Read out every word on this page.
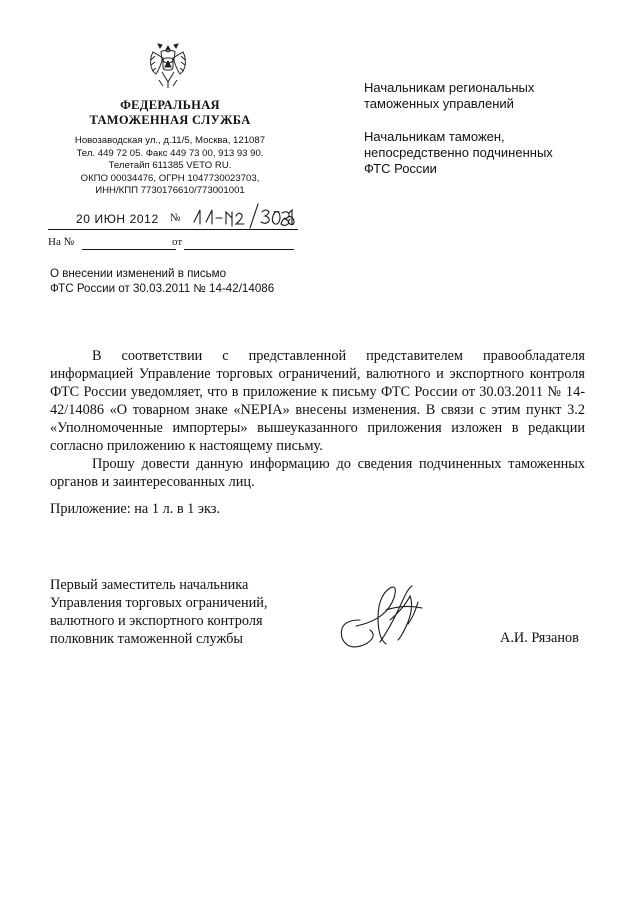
ФЕДЕРАЛЬНАЯ
ТАМОЖЕННАЯ СЛУЖБА
Новозаводская ул., д.11/5, Москва, 121087
Тел. 449 72 05. Факс 449 73 00, 913 93 90.
Телетайп 611385 VETO RU.
ОКПО 00034476, ОГРН 1047730023703,
ИНН/КПП 7730176610/773001001
20 ИЮН 2012 №
На №	от
О внесении изменений в письмо
ФТС России от 30.03.2011 № 14-42/14086

Начальникам региональных
таможенных управлений

Начальникам таможен,
непосредственно подчиненных
ФТС России

В соответствии с представленной представителем правообладателя информацией Управление торговых ограничений, валютного и экспортного контроля ФТС России уведомляет, что в приложение к письму ФТС России от 30.03.2011 № 14-42/14086 «О товарном знаке «NEPIA» внесены изменения. В связи с этим пункт 3.2 «Уполномоченные импортеры» вышеуказанного приложения изложен в редакции согласно приложению к настоящему письму.

Прошу довести данную информацию до сведения подчиненных таможенных органов и заинтересованных лиц.

Приложение: на 1 л. в 1 экз.
Первый заместитель начальника
Управления торговых ограничений,
валютного и экспортного контроля
полковник таможенной службы	А.И. Рязанов
